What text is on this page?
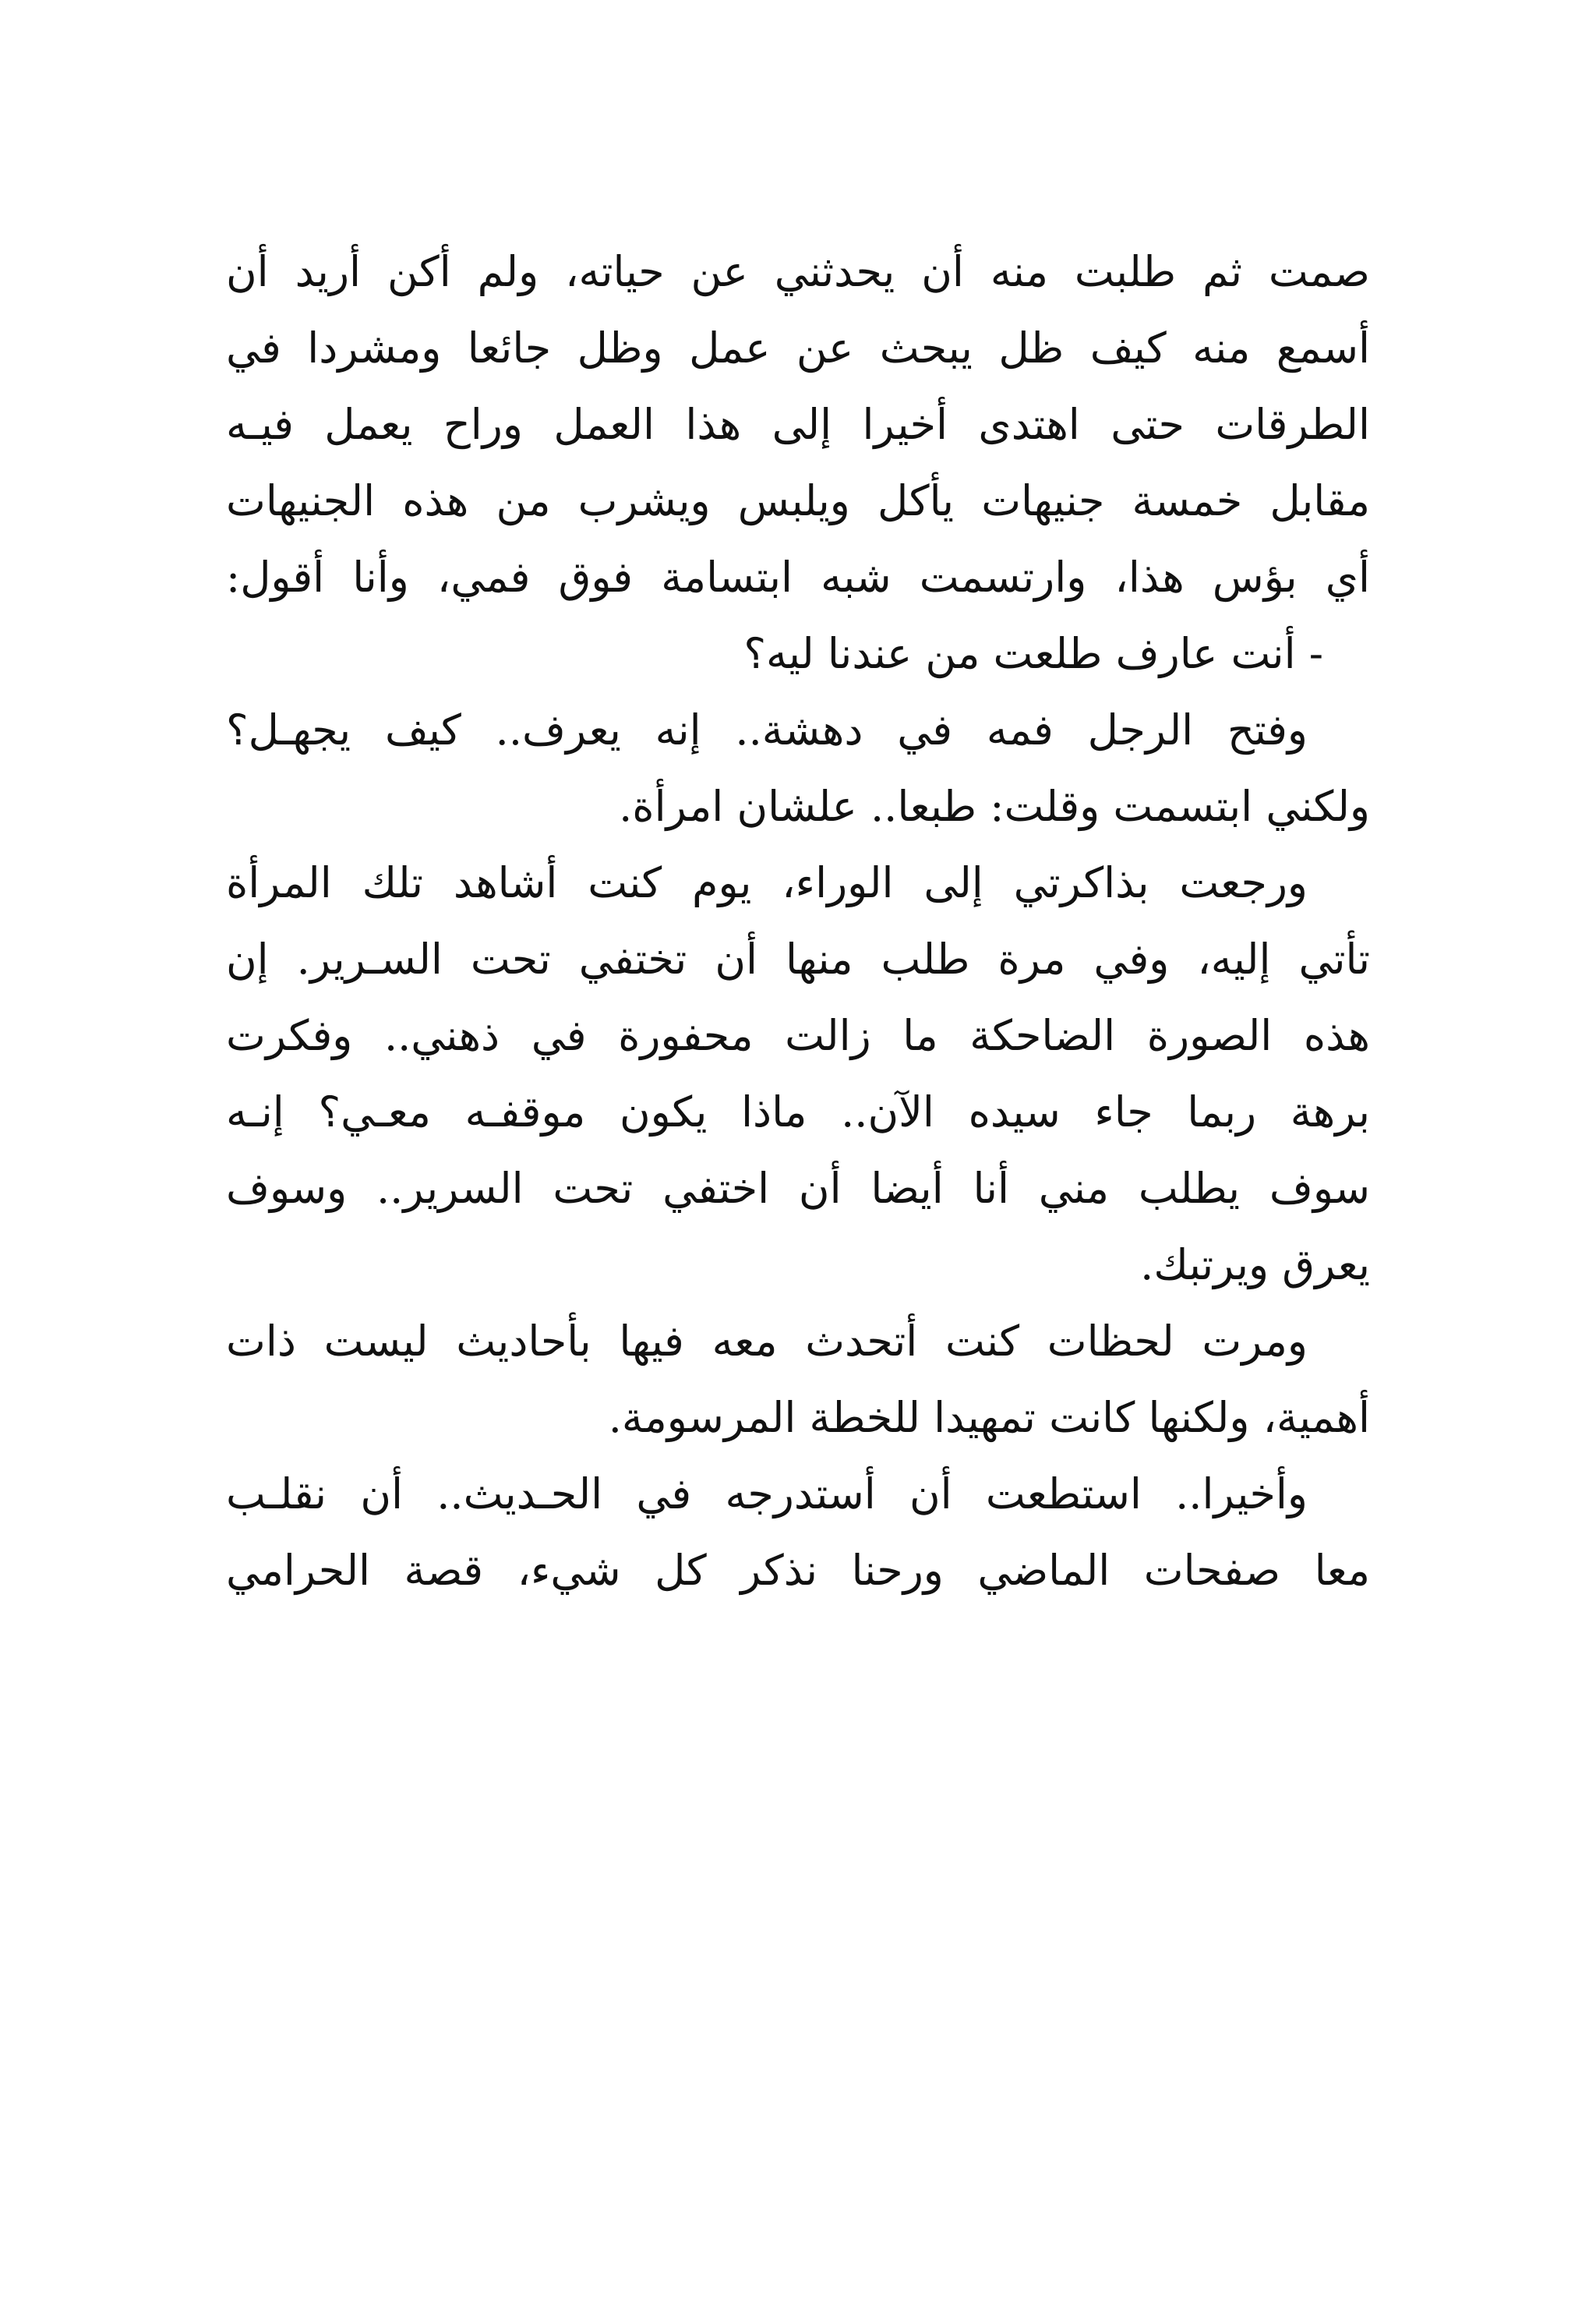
صمت ثم طلبت منه أن يحدثني عن حياته، ولم أكن أريد أن
أسمع منه كيف ظل يبحث عن عمل وظل جائعا ومشردا في
الطرقات حتى اهتدى أخيرا إلى هذا العمل وراح يعمل فيـه
مقابل خمسة جنيهات يأكل ويلبس ويشرب من هذه الجنيهات
أي بؤس هذا، وارتسمت شبه ابتسامة فوق فمي، وأنا أقول:
- أنت عارف طلعت من عندنا ليه؟
وفتح الرجل فمه في دهشة.. إنه يعرف.. كيف يجهـل؟
ولكني ابتسمت وقلت: طبعا.. علشان امرأة.
ورجعت بذاكرتي إلى الوراء، يوم كنت أشاهد تلك المرأة
تأتي إليه، وفي مرة طلب منها أن تختفي تحت السـرير. إن
هذه الصورة الضاحكة ما زالت محفورة في ذهني.. وفكرت
برهة ربما جاء سيده الآن.. ماذا يكون موقفـه معـي؟ إنـه
سوف يطلب مني أنا أيضا أن اختفي تحت السرير.. وسوف
يعرق ويرتبك.
ومرت لحظات كنت أتحدث معه فيها بأحاديث ليست ذات
أهمية، ولكنها كانت تمهيدا للخطة المرسومة.
وأخيرا.. استطعت أن أستدرجه في الحـديث.. أن نقلـب
معا صفحات الماضي ورحنا نذكر كل شيء، قصة الحرامي
